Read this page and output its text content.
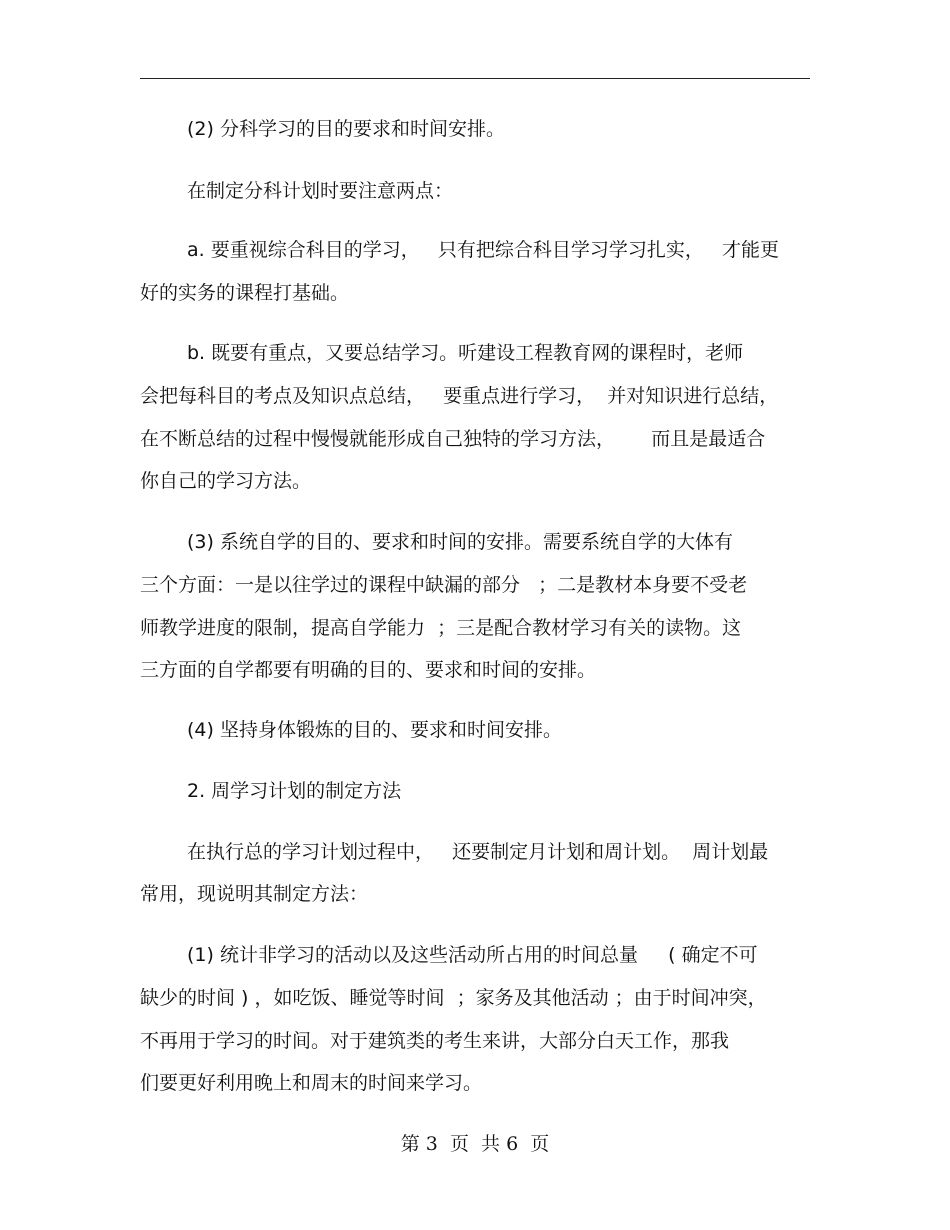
(2) 分科学习的目的要求和时间安排。
在制定分科计划时要注意两点：
a. 要重视综合科目的学习，   只有把综合科目学习学习扎实，   才能更
好的实务的课程打基础。
b. 既要有重点，又要总结学习。听建设工程教育网的课程时，老师
会把每科目的考点及知识点总结，   要重点进行学习，  并对知识进行总结，
在不断总结的过程中慢慢就能形成自己独特的学习方法，      而且是最适合
你自己的学习方法。
(3) 系统自学的目的、要求和时间的安排。需要系统自学的大体有
三个方面：一是以往学过的课程中缺漏的部分   ；二是教材本身要不受老
师教学进度的限制，提高自学能力  ；三是配合教材学习有关的读物。这
三方面的自学都要有明确的目的、要求和时间的安排。
(4) 坚持身体锻炼的目的、要求和时间安排。
2. 周学习计划的制定方法
在执行总的学习计划过程中，   还要制定月计划和周计划。  周计划最
常用，现说明其制定方法：
(1) 统计非学习的活动以及这些活动所占用的时间总量     ( 确定不可
缺少的时间 ) ，如吃饭、睡觉等时间  ；家务及其他活动 ；由于时间冲突，
不再用于学习的时间。对于建筑类的考生来讲，大部分白天工作，那我
们要更好利用晚上和周末的时间来学习。
第 3  页  共 6  页
